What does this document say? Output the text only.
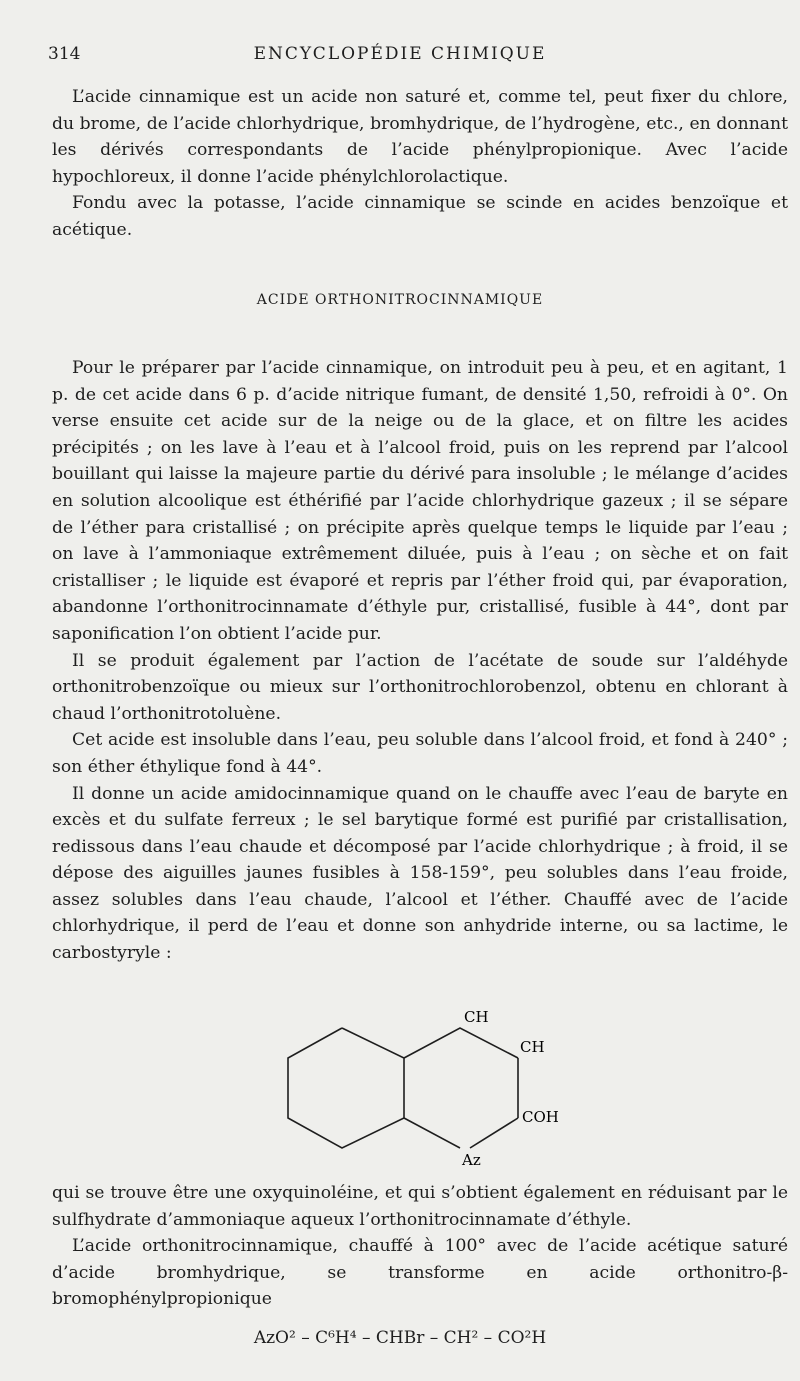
314	ENCYCLOPÉDIE CHIMIQUE

L’acide cinnamique est un acide non saturé et, comme tel, peut fixer du chlore, du brome, de l’acide chlorhydrique, bromhydrique, de l’hydrogène, etc., en donnant les dérivés correspondants de l’acide phénylpropionique. Avec l’acide hypochloreux, il donne l’acide phénylchlorolactique.

Fondu avec la potasse, l’acide cinnamique se scinde en acides benzoïque et acétique.

ACIDE ORTHONITROCINNAMIQUE

Pour le préparer par l’acide cinnamique, on introduit peu à peu, et en agitant, 1 p. de cet acide dans 6 p. d’acide nitrique fumant, de densité 1,50, refroidi à 0°. On verse ensuite cet acide sur de la neige ou de la glace, et on filtre les acides précipités ; on les lave à l’eau et à l’alcool froid, puis on les reprend par l’alcool bouillant qui laisse la majeure partie du dérivé para insoluble ; le mélange d’acides en solution alcoolique est éthérifié par l’acide chlorhydrique gazeux ; il se sépare de l’éther para cristallisé ; on précipite après quelque temps le liquide par l’eau ; on lave à l’ammoniaque extrêmement diluée, puis à l’eau ; on sèche et on fait cristalliser ; le liquide est évaporé et repris par l’éther froid qui, par évaporation, abandonne l’orthonitrocinnamate d’éthyle pur, cristallisé, fusible à 44°, dont par saponification l’on obtient l’acide pur.

Il se produit également par l’action de l’acétate de soude sur l’aldéhyde orthonitrobenzoïque ou mieux sur l’orthonitrochlorobenzol, obtenu en chlorant à chaud l’orthonitrotoluène.

Cet acide est insoluble dans l’eau, peu soluble dans l’alcool froid, et fond à 240° ; son éther éthylique fond à 44°.

Il donne un acide amidocinnamique quand on le chauffe avec l’eau de baryte en excès et du sulfate ferreux ; le sel barytique formé est purifié par cristallisation, redissous dans l’eau chaude et décomposé par l’acide chlorhydrique ; à froid, il se dépose des aiguilles jaunes fusibles à 158-159°, peu solubles dans l’eau froide, assez solubles dans l’eau chaude, l’alcool et l’éther. Chauffé avec de l’acide chlorhydrique, il perd de l’eau et donne son anhydride interne, ou sa lactime, le carbostyryle :

CH
CH
COH
Az

qui se trouve être une oxyquinoléine, et qui s’obtient également en réduisant par le sulfhydrate d’ammoniaque aqueux l’orthonitrocinnamate d’éthyle.

L’acide orthonitrocinnamique, chauffé à 100° avec de l’acide acétique saturé d’acide bromhydrique, se transforme en acide orthonitro-β-bromophénylpropionique

AzO² – C⁶H⁴ – CHBr – CH² – CO²H
